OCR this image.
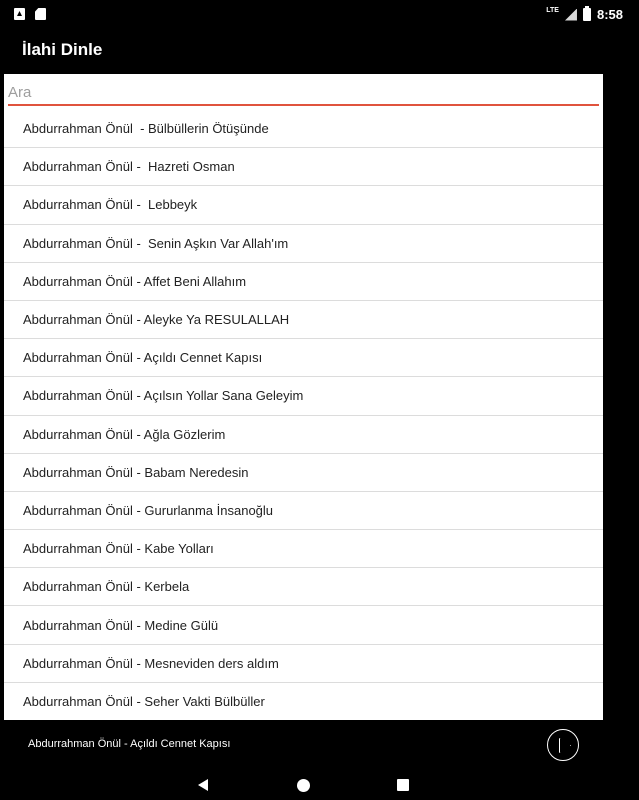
LTE	8:58
İlahi Dinle
Ara
Abdurrahman Önül  - Bülbüllerin Ötüşünde
Abdurrahman Önül -  Hazreti Osman
Abdurrahman Önül -  Lebbeyk
Abdurrahman Önül -  Senin Aşkın Var Allah'ım
Abdurrahman Önül - Affet Beni Allahım
Abdurrahman Önül - Aleyke Ya RESULALLAH
Abdurrahman Önül - Açıldı Cennet Kapısı
Abdurrahman Önül - Açılsın Yollar Sana Geleyim
Abdurrahman Önül - Ağla Gözlerim
Abdurrahman Önül - Babam Neredesin
Abdurrahman Önül - Gururlanma İnsanoğlu
Abdurrahman Önül - Kabe Yolları
Abdurrahman Önül - Kerbela
Abdurrahman Önül - Medine Gülü
Abdurrahman Önül - Mesneviden ders aldım
Abdurrahman Önül - Seher Vakti Bülbüller
Abdurrahman Önül - Açıldı Cennet Kapısı
